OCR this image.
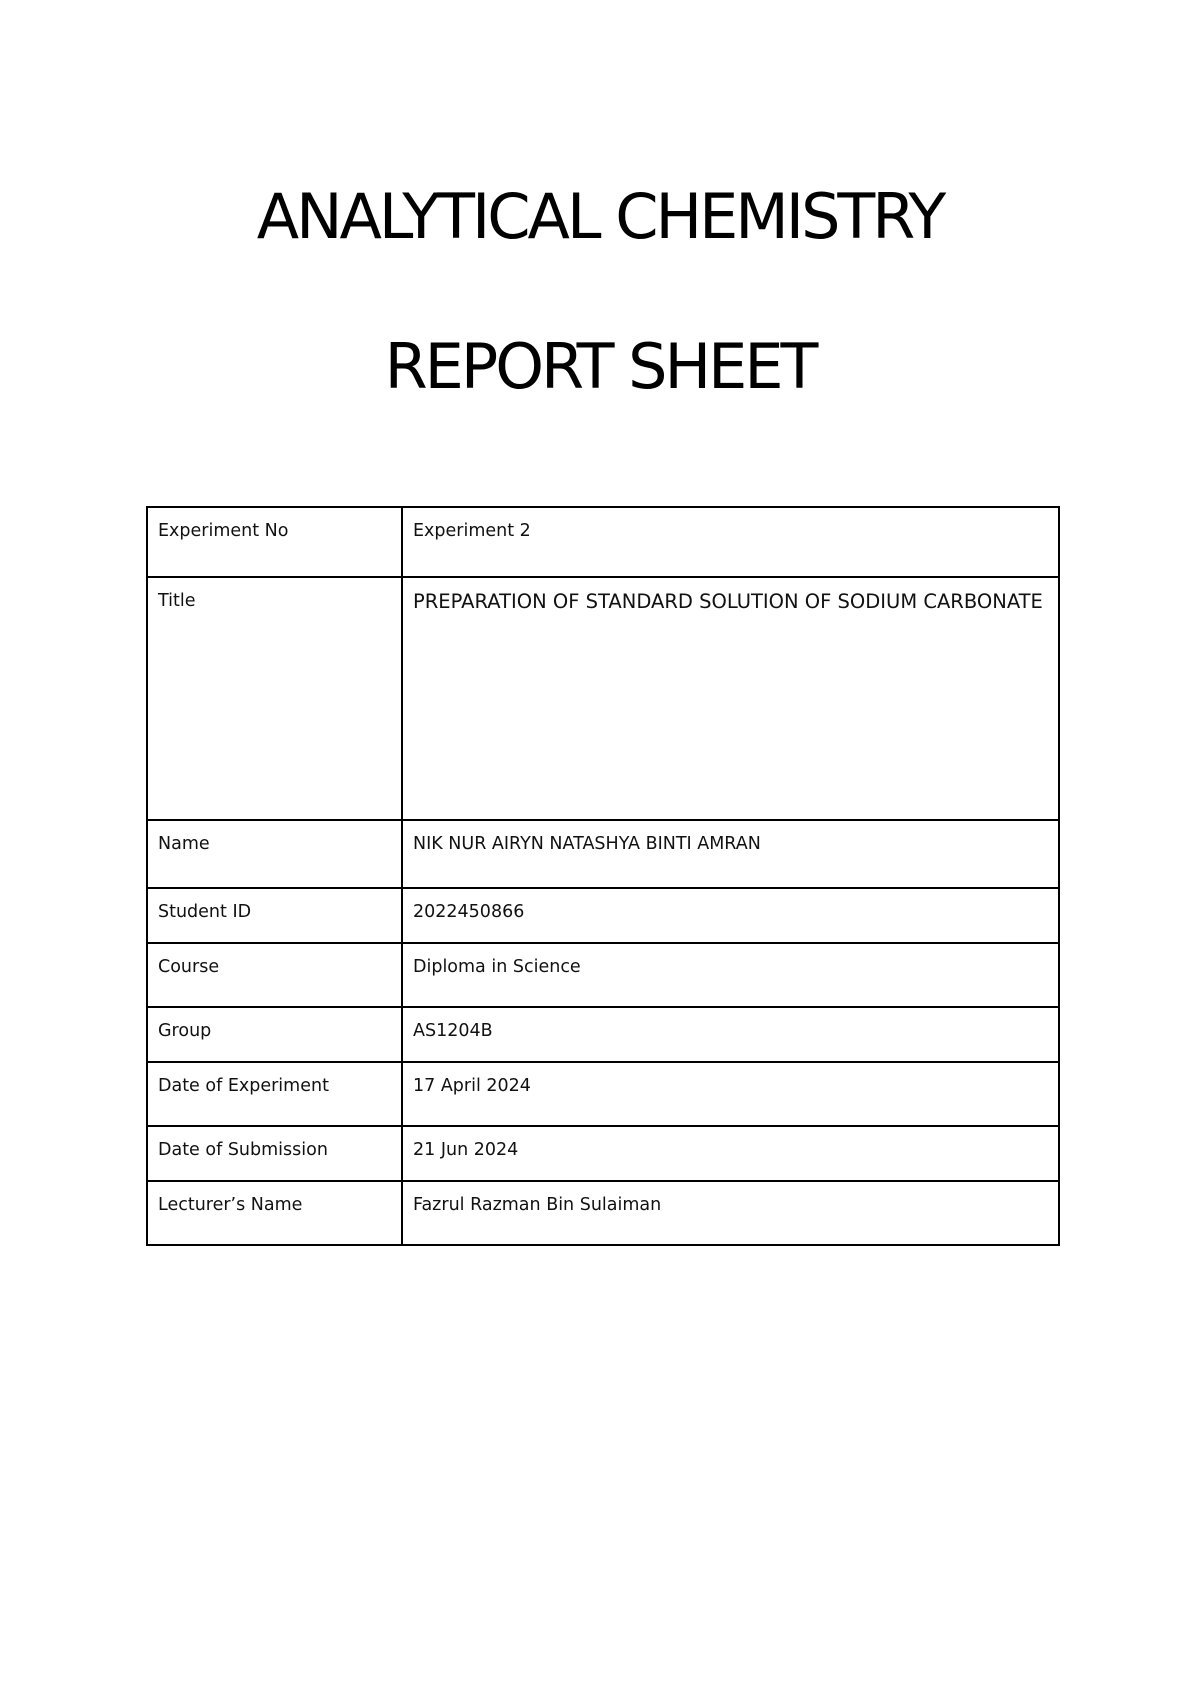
ANALYTICAL CHEMISTRY
REPORT SHEET
Experiment No	Experiment 2
Title	PREPARATION OF STANDARD SOLUTION OF SODIUM CARBONATE
Name	NIK NUR AIRYN NATASHYA BINTI AMRAN
Student ID	2022450866
Course	Diploma in Science
Group	AS1204B
Date of Experiment	17 April 2024
Date of Submission	21 Jun 2024
Lecturer’s Name	Fazrul Razman Bin Sulaiman
